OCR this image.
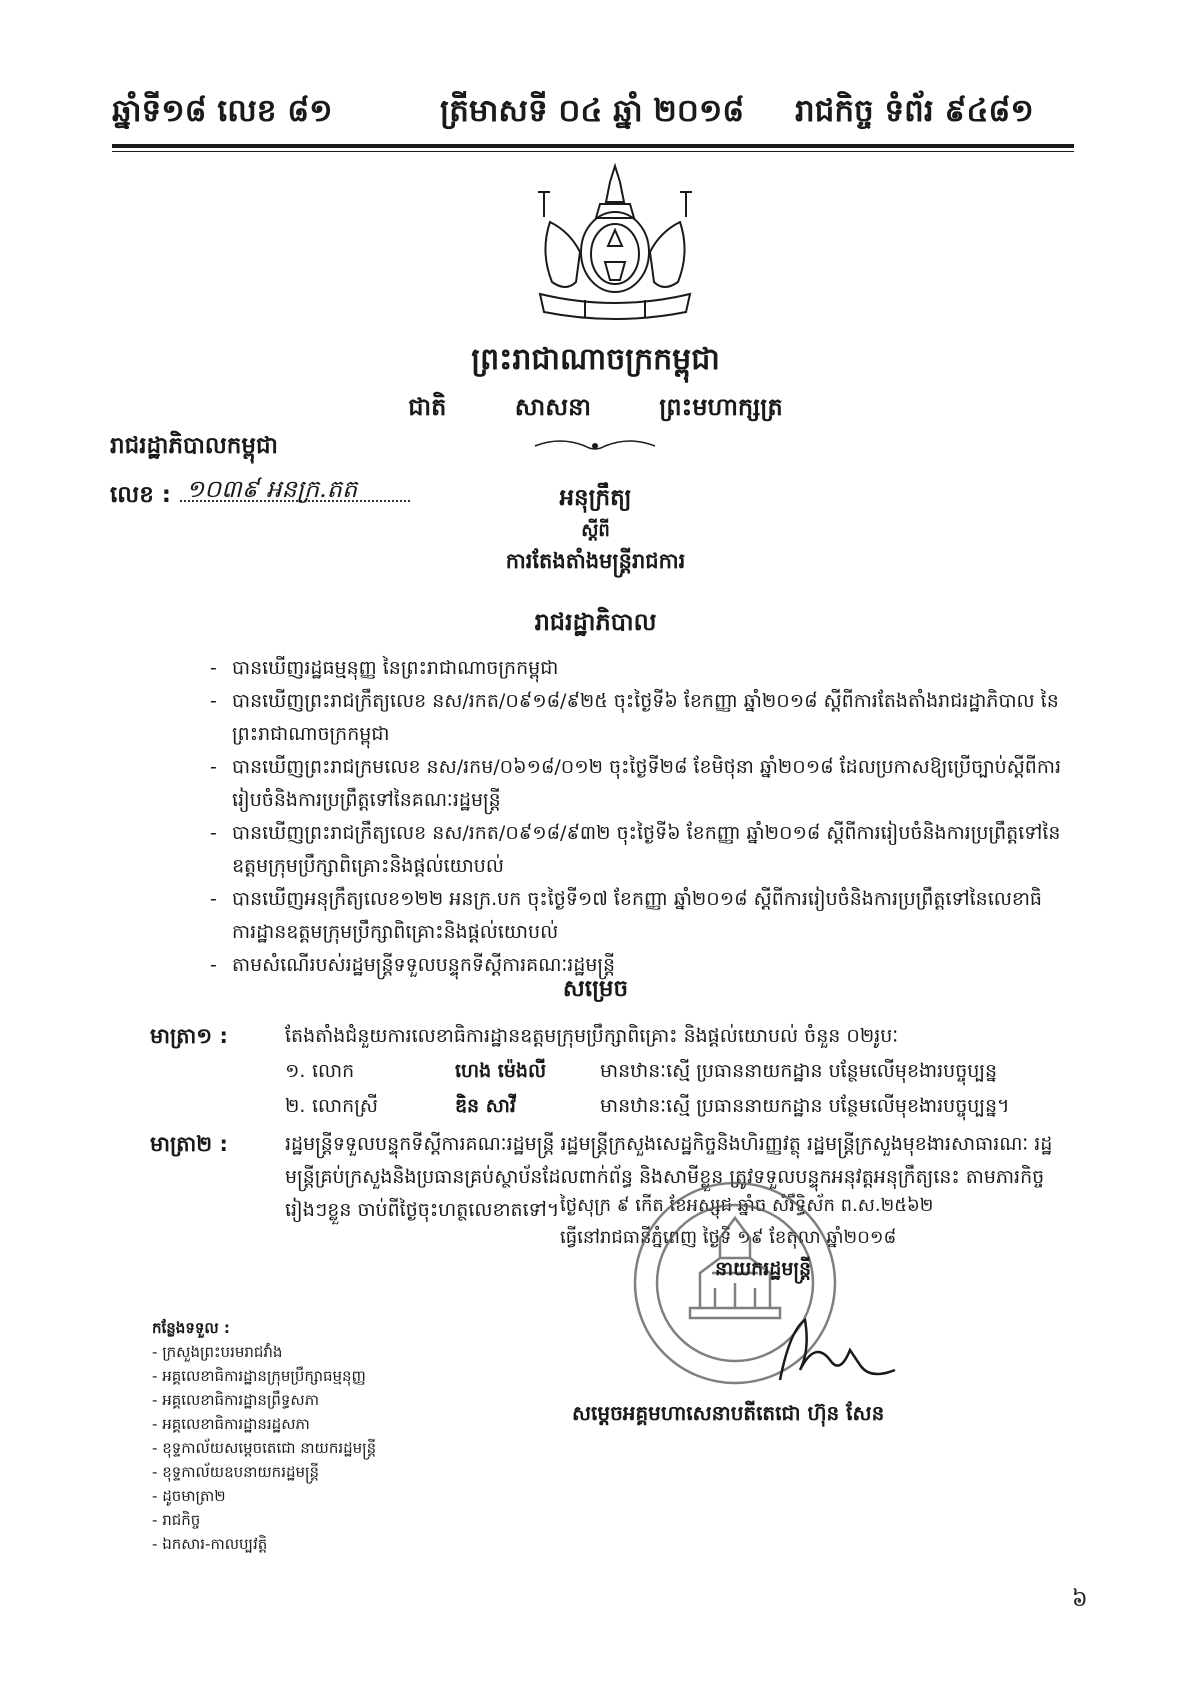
ឆ្នាំទី១៨ លេខ ៨១	ត្រីមាសទី ០៤ ឆ្នាំ ២០១៨ រាជកិច្ច ទំព័រ ៩៤៨១
ព្រះរាជាណាចក្រកម្ពុជា
ជាតិ	សាសនា	ព្រះមហាក្សត្រ
រាជរដ្ឋាភិបាលកម្ពុជា
លេខ : ១០៣៩ អនក្រ.តត	អនុក្រឹត្យ
ស្តីពី
ការតែងតាំងមន្ត្រីរាជការ
រាជរដ្ឋាភិបាល
- បានឃើញរដ្ឋធម្មនុញ្ញ នៃព្រះរាជាណាចក្រកម្ពុជា
- បានឃើញព្រះរាជក្រឹត្យលេខ នស/រកត/០៩១៨/៩២៥ ចុះថ្ងៃទី៦ ខែកញ្ញា ឆ្នាំ២០១៨ ស្តីពីការតែងតាំងរាជរដ្ឋាភិបាល នៃព្រះរាជាណាចក្រកម្ពុជា
- បានឃើញព្រះរាជក្រមលេខ នស/រកម/០៦១៨/០១២ ចុះថ្ងៃទី២៨ ខែមិថុនា ឆ្នាំ២០១៨ ដែលប្រកាសឱ្យប្រើច្បាប់ស្តីពីការរៀបចំនិងការប្រព្រឹត្តទៅនៃគណៈរដ្ឋមន្ត្រី
- បានឃើញព្រះរាជក្រឹត្យលេខ នស/រកត/០៩១៨/៩៣២ ចុះថ្ងៃទី៦ ខែកញ្ញា ឆ្នាំ២០១៨ ស្តីពីការរៀបចំនិងការប្រព្រឹត្តទៅនៃឧត្តមក្រុមប្រឹក្សាពិគ្រោះនិងផ្តល់យោបល់
- បានឃើញអនុក្រឹត្យលេខ១២២ អនក្រ.បក ចុះថ្ងៃទី១៧ ខែកញ្ញា ឆ្នាំ២០១៨ ស្តីពីការរៀបចំនិងការប្រព្រឹត្តទៅនៃលេខាធិការដ្ឋានឧត្តមក្រុមប្រឹក្សាពិគ្រោះនិងផ្តល់យោបល់
- តាមសំណើរបស់រដ្ឋមន្ត្រីទទួលបន្ទុកទីស្តីការគណៈរដ្ឋមន្ត្រី
សម្រេច
មាត្រា១ :	តែងតាំងជំនួយការលេខាធិការដ្ឋានឧត្តមក្រុមប្រឹក្សាពិគ្រោះ និងផ្តល់យោបល់ ចំនួន ០២រូបៈ
១. លោក	ហេង ម៉េងលី	មានឋានៈស្មើ ប្រធាននាយកដ្ឋាន បន្ថែមលើមុខងារបច្ចុប្បន្ន
២. លោកស្រី	ឌិន សាវី	មានឋានៈស្មើ ប្រធាននាយកដ្ឋាន បន្ថែមលើមុខងារបច្ចុប្បន្ន។
មាត្រា២ :	រដ្ឋមន្ត្រីទទួលបន្ទុកទីស្តីការគណៈរដ្ឋមន្ត្រី រដ្ឋមន្ត្រីក្រសួងសេដ្ឋកិច្ចនិងហិរញ្ញវត្ថុ រដ្ឋមន្ត្រីក្រសួងមុខងារសាធារណៈ រដ្ឋមន្ត្រីគ្រប់ក្រសួងនិងប្រធានគ្រប់ស្ថាប័នដែលពាក់ព័ន្ធ និងសាមីខ្លួន ត្រូវទទួលបន្ទុកអនុវត្តអនុក្រឹត្យនេះ តាមភារកិច្ចរៀងៗខ្លួន ចាប់ពីថ្ងៃចុះហត្ថលេខាតទៅ។ ថ្ងៃសុក្រ ៩ កើត ខែអស្សុជ ឆ្នាំច សំរឹទ្ធិស័ក ព.ស.២៥៦២
ធ្វើនៅរាជធានីភ្នំពេញ ថ្ងៃទី ១៩ ខែតុលា ឆ្នាំ២០១៨
នាយករដ្ឋមន្ត្រី
សម្តេចអគ្គមហាសេនាបតីតេជោ ហ៊ុន សែន
កន្លែងទទួល :
- ក្រសួងព្រះបរមរាជវាំង
- អគ្គលេខាធិការដ្ឋានក្រុមប្រឹក្សាធម្មនុញ្ញ
- អគ្គលេខាធិការដ្ឋានព្រឹទ្ធសភា
- អគ្គលេខាធិការដ្ឋានរដ្ឋសភា
- ខុទ្ទកាល័យសម្តេចតេជោ នាយករដ្ឋមន្ត្រី
- ខុទ្ទកាល័យឧបនាយករដ្ឋមន្ត្រី
- ដូចមាត្រា២
- រាជកិច្ច
- ឯកសារ-កាលប្បវត្តិ
៦
